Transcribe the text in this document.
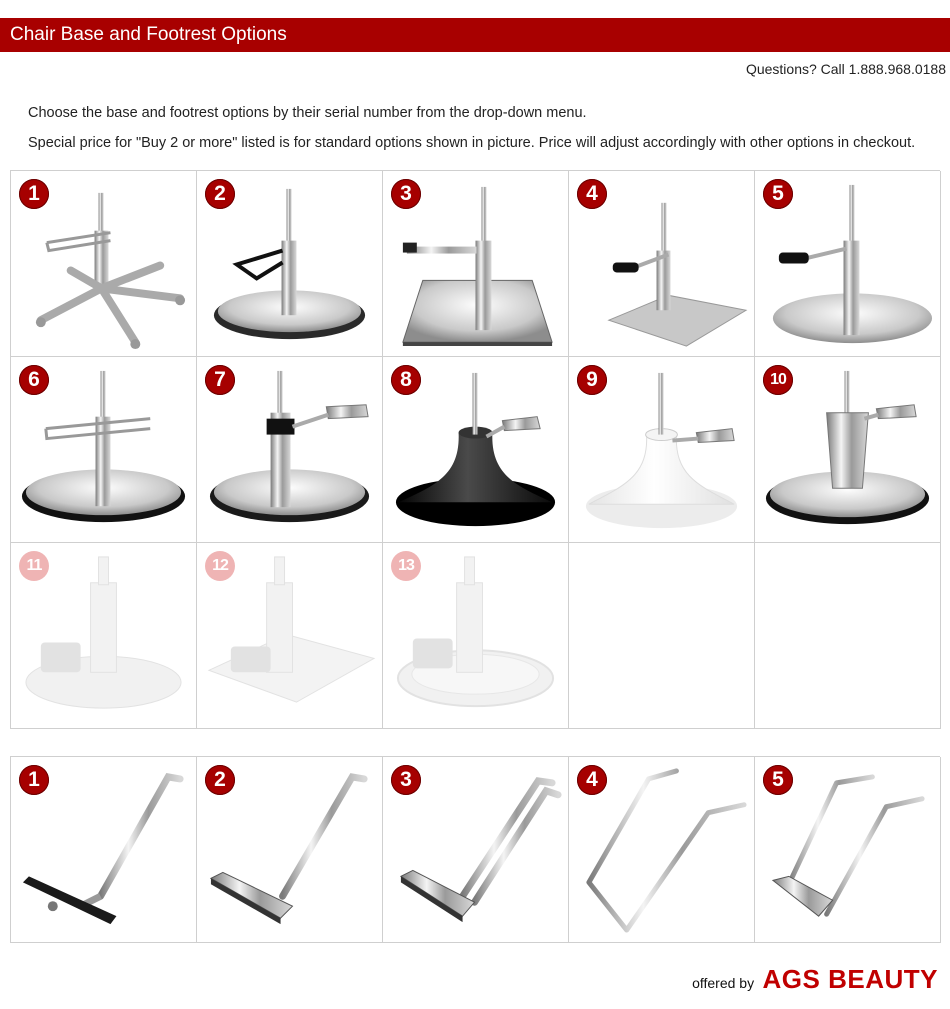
Chair Base and Footrest Options
Questions? Call 1.888.968.0188
Choose the base and footrest options by their serial number from the drop-down menu.
Special price for "Buy 2 or more" listed is for standard options shown in picture. Price will adjust accordingly with other options in checkout.
1	2	3	4	5
6	7	8	9	10
11	12	13
1	2	3	4	5
offered by AGS BEAUTY
